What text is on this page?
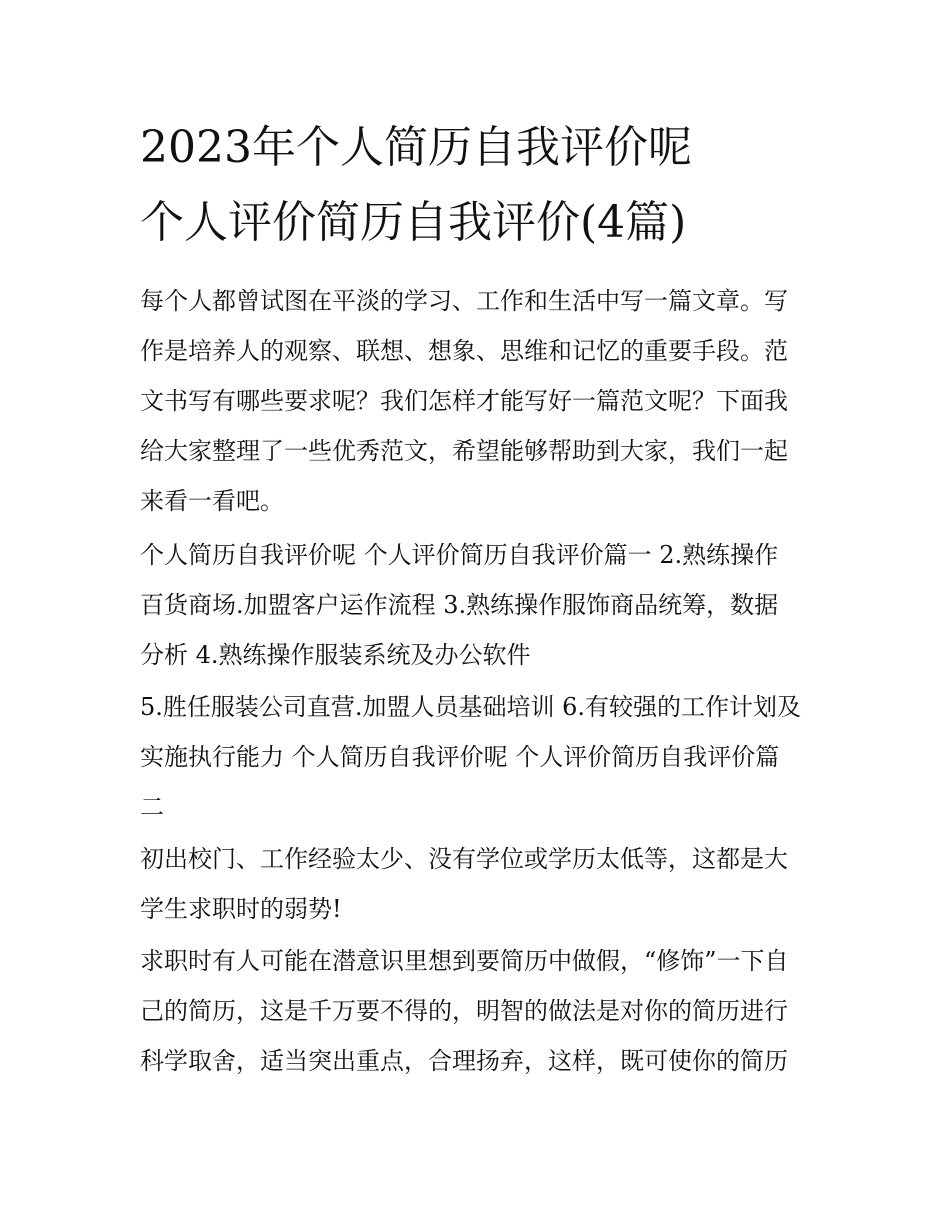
2023年个人简历自我评价呢
个人评价简历自我评价(4篇)
每个人都曾试图在平淡的学习、工作和生活中写一篇文章。写
作是培养人的观察、联想、想象、思维和记忆的重要手段。范
文书写有哪些要求呢？我们怎样才能写好一篇范文呢？下面我
给大家整理了一些优秀范文，希望能够帮助到大家，我们一起
来看一看吧。
个人简历自我评价呢 个人评价简历自我评价篇一 2.熟练操作
百货商场.加盟客户运作流程 3.熟练操作服饰商品统筹，数据
分析 4.熟练操作服装系统及办公软件
5.胜任服装公司直营.加盟人员基础培训 6.有较强的工作计划及
实施执行能力 个人简历自我评价呢 个人评价简历自我评价篇
二
初出校门、工作经验太少、没有学位或学历太低等，这都是大
学生求职时的弱势!
求职时有人可能在潜意识里想到要简历中做假，“修饰”一下自
己的简历，这是千万要不得的，明智的做法是对你的简历进行
科学取舍，适当突出重点，合理扬弃，这样，既可使你的简历
